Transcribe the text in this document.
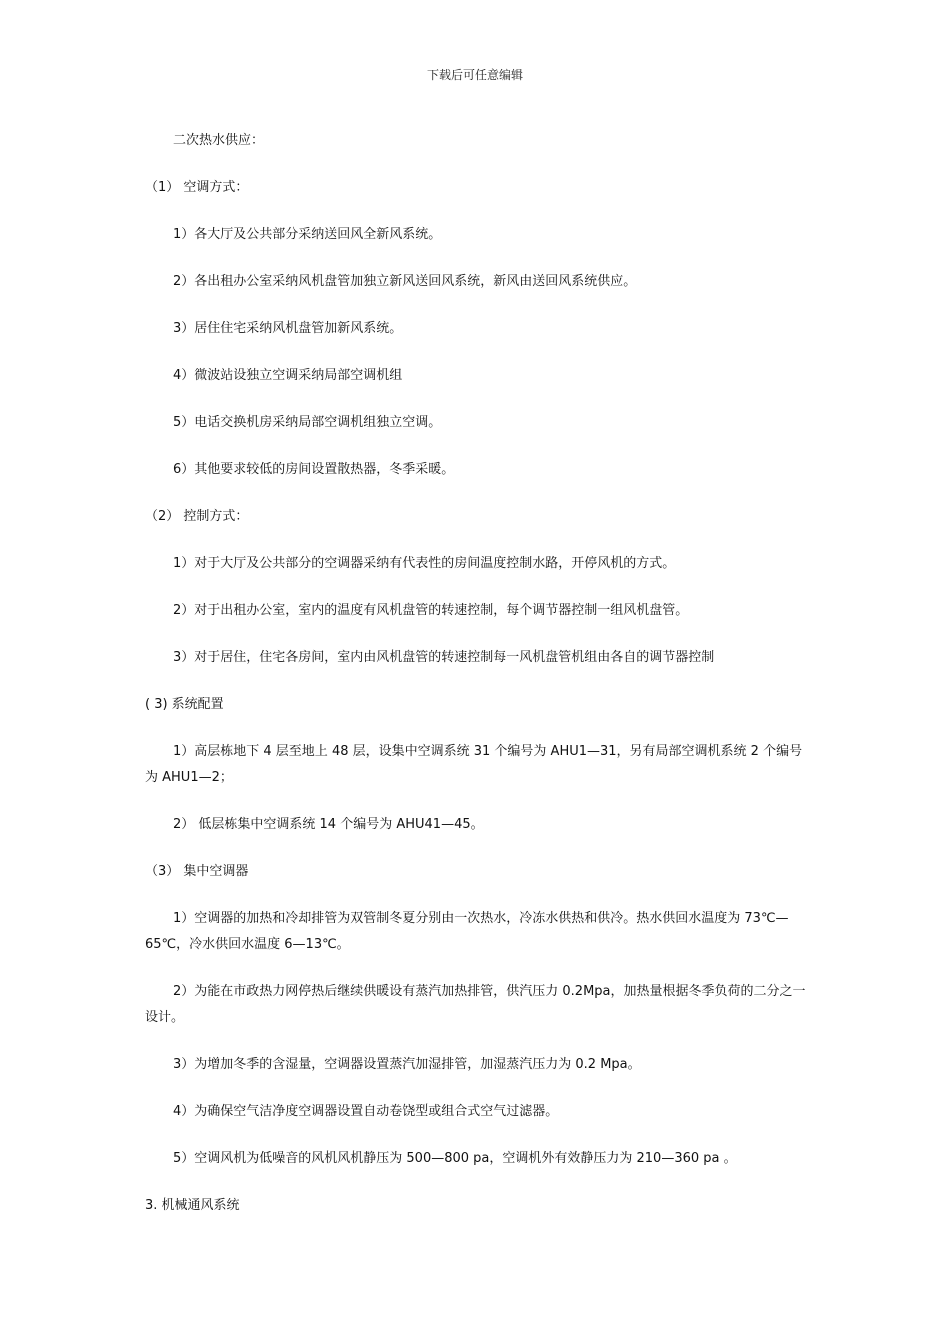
下载后可任意编辑

二次热水供应：

（1） 空调方式：

1）各大厅及公共部分采纳送回风全新风系统。

2）各出租办公室采纳风机盘管加独立新风送回风系统，新风由送回风系统供应。

3）居住住宅采纳风机盘管加新风系统。

4）微波站设独立空调采纳局部空调机组

5）电话交换机房采纳局部空调机组独立空调。

6）其他要求较低的房间设置散热器，冬季采暖。

（2） 控制方式：

1）对于大厅及公共部分的空调器采纳有代表性的房间温度控制水路，开停风机的方式。

2）对于出租办公室，室内的温度有风机盘管的转速控制，每个调节器控制一组风机盘管。

3）对于居住，住宅各房间，室内由风机盘管的转速控制每一风机盘管机组由各自的调节器控制

( 3) 系统配置

1）高层栋地下 4 层至地上 48 层，设集中空调系统 31 个编号为 AHU1—31，另有局部空调机系统 2 个编号为 AHU1—2；

2） 低层栋集中空调系统 14 个编号为 AHU41—45。

（3） 集中空调器

1）空调器的加热和冷却排管为双管制冬夏分别由一次热水，冷冻水供热和供冷。热水供回水温度为 73℃—65℃，冷水供回水温度 6—13℃。

2）为能在市政热力网停热后继续供暖设有蒸汽加热排管，供汽压力 0.2Mpa，加热量根据冬季负荷的二分之一设计。

3）为增加冬季的含湿量，空调器设置蒸汽加湿排管，加湿蒸汽压力为 0.2 Mpa。

4）为确保空气洁净度空调器设置自动卷饶型或组合式空气过滤器。

5）空调风机为低噪音的风机风机静压为 500—800 pa，空调机外有效静压力为 210—360 pa 。

3. 机械通风系统
